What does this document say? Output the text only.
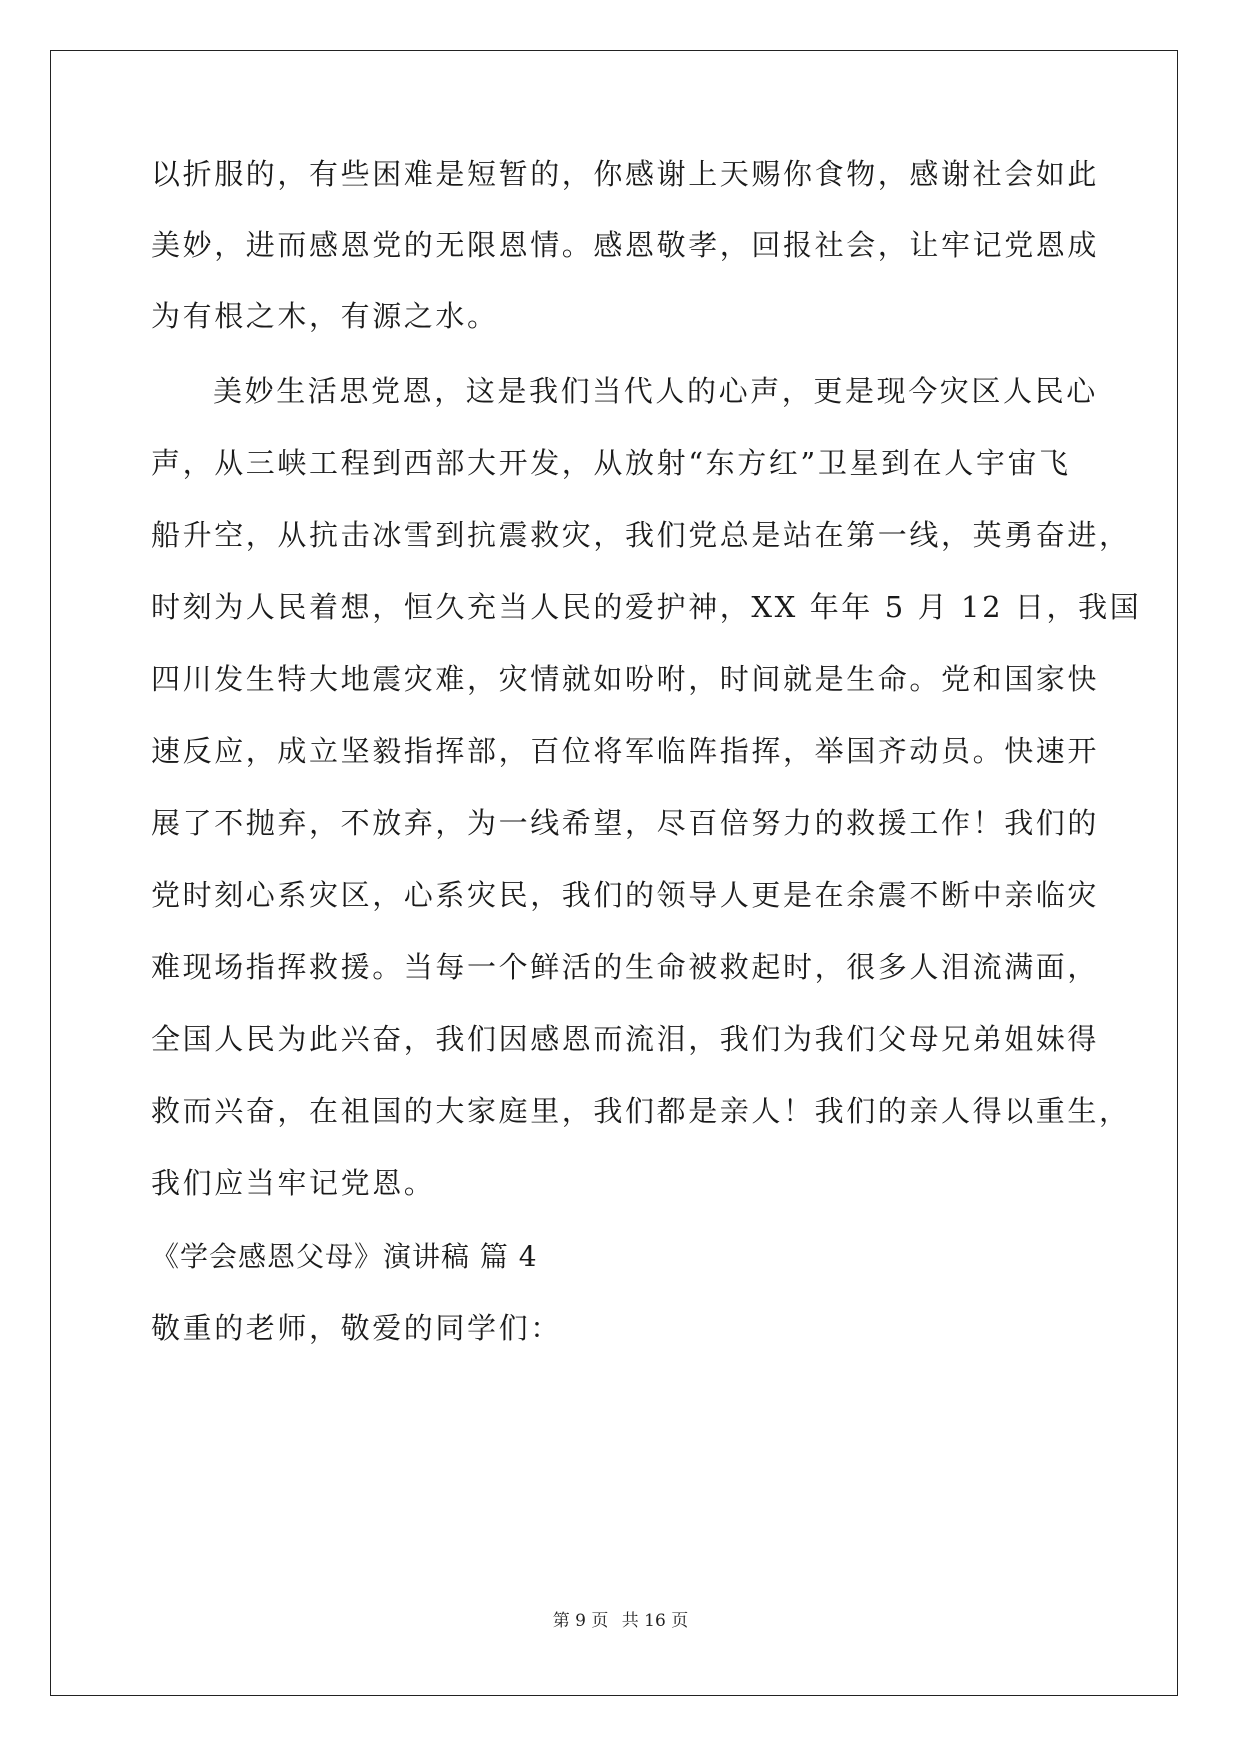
以折服的，有些困难是短暂的，你感谢上天赐你食物，感谢社会如此
美妙，进而感恩党的无限恩情。感恩敬孝，回报社会，让牢记党恩成
为有根之木，有源之水。
美妙生活思党恩，这是我们当代人的心声，更是现今灾区人民心
声，从三峡工程到西部大开发，从放射“东方红”卫星到在人宇宙飞
船升空，从抗击冰雪到抗震救灾，我们党总是站在第一线，英勇奋进，
时刻为人民着想，恒久充当人民的爱护神，XX 年年 5 月 12 日，我国
四川发生特大地震灾难，灾情就如吩咐，时间就是生命。党和国家快
速反应，成立坚毅指挥部，百位将军临阵指挥，举国齐动员。快速开
展了不抛弃，不放弃，为一线希望，尽百倍努力的救援工作！我们的
党时刻心系灾区，心系灾民，我们的领导人更是在余震不断中亲临灾
难现场指挥救援。当每一个鲜活的生命被救起时，很多人泪流满面，
全国人民为此兴奋，我们因感恩而流泪，我们为我们父母兄弟姐妹得
救而兴奋，在祖国的大家庭里，我们都是亲人！我们的亲人得以重生，
我们应当牢记党恩。
《学会感恩父母》演讲稿 篇 4
敬重的老师，敬爱的同学们：
第 9 页 共 16 页
